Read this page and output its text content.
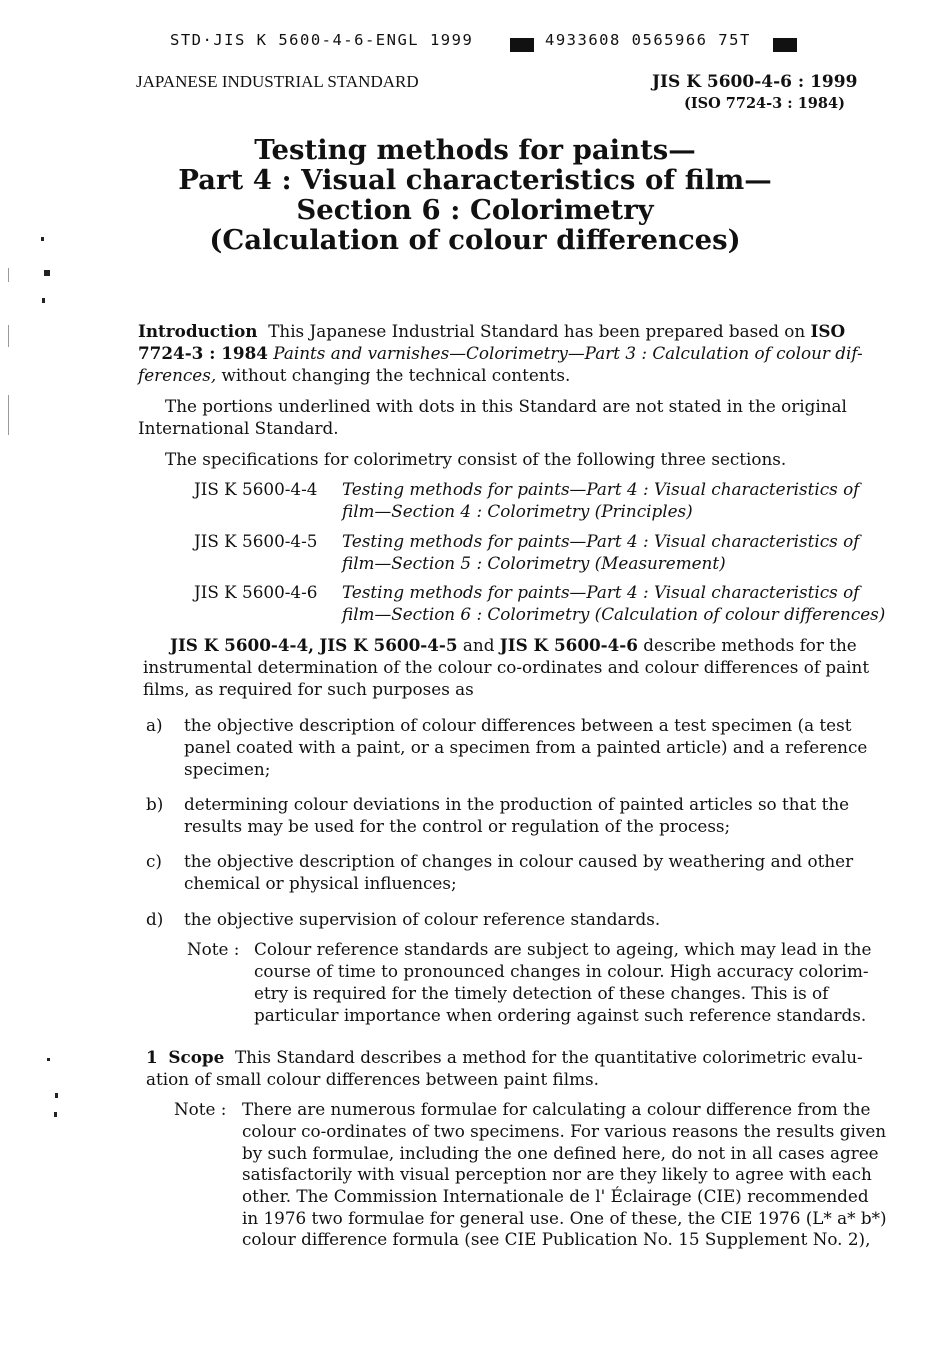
STD·JIS K 5600-4-6-ENGL 1999	4933608 0565966 75T
JAPANESE INDUSTRIAL STANDARD	JIS K 5600-4-6 : 1999
(ISO 7724-3 : 1984)
Testing methods for paints—
Part 4 : Visual characteristics of film—
Section 6 : Colorimetry
(Calculation of colour differences)
Introduction This Japanese Industrial Standard has been prepared based on ISO
7724-3 : 1984 Paints and varnishes—Colorimetry—Part 3 : Calculation of colour dif-
ferences, without changing the technical contents.
The portions underlined with dots in this Standard are not stated in the original
International Standard.
The specifications for colorimetry consist of the following three sections.
JIS K 5600-4-4 Testing methods for paints—Part 4 : Visual characteristics of
film—Section 4 : Colorimetry (Principles)
JIS K 5600-4-5 Testing methods for paints—Part 4 : Visual characteristics of
film—Section 5 : Colorimetry (Measurement)
JIS K 5600-4-6 Testing methods for paints—Part 4 : Visual characteristics of
film—Section 6 : Colorimetry (Calculation of colour differences)
JIS K 5600-4-4, JIS K 5600-4-5 and JIS K 5600-4-6 describe methods for the
instrumental determination of the colour co-ordinates and colour differences of paint
films, as required for such purposes as
a) the objective description of colour differences between a test specimen (a test
panel coated with a paint, or a specimen from a painted article) and a reference
specimen;
b) determining colour deviations in the production of painted articles so that the
results may be used for the control or regulation of the process;
c) the objective description of changes in colour caused by weathering and other
chemical or physical influences;
d) the objective supervision of colour reference standards.
Note : Colour reference standards are subject to ageing, which may lead in the
course of time to pronounced changes in colour. High accuracy colorim-
etry is required for the timely detection of these changes. This is of
particular importance when ordering against such reference standards.
1 Scope This Standard describes a method for the quantitative colorimetric evalu-
ation of small colour differences between paint films.
Note : There are numerous formulae for calculating a colour difference from the
colour co-ordinates of two specimens. For various reasons the results given
by such formulae, including the one defined here, do not in all cases agree
satisfactorily with visual perception nor are they likely to agree with each
other. The Commission Internationale de l' Éclairage (CIE) recommended
in 1976 two formulae for general use. One of these, the CIE 1976 (L* a* b*)
colour difference formula (see CIE Publication No. 15 Supplement No. 2),
